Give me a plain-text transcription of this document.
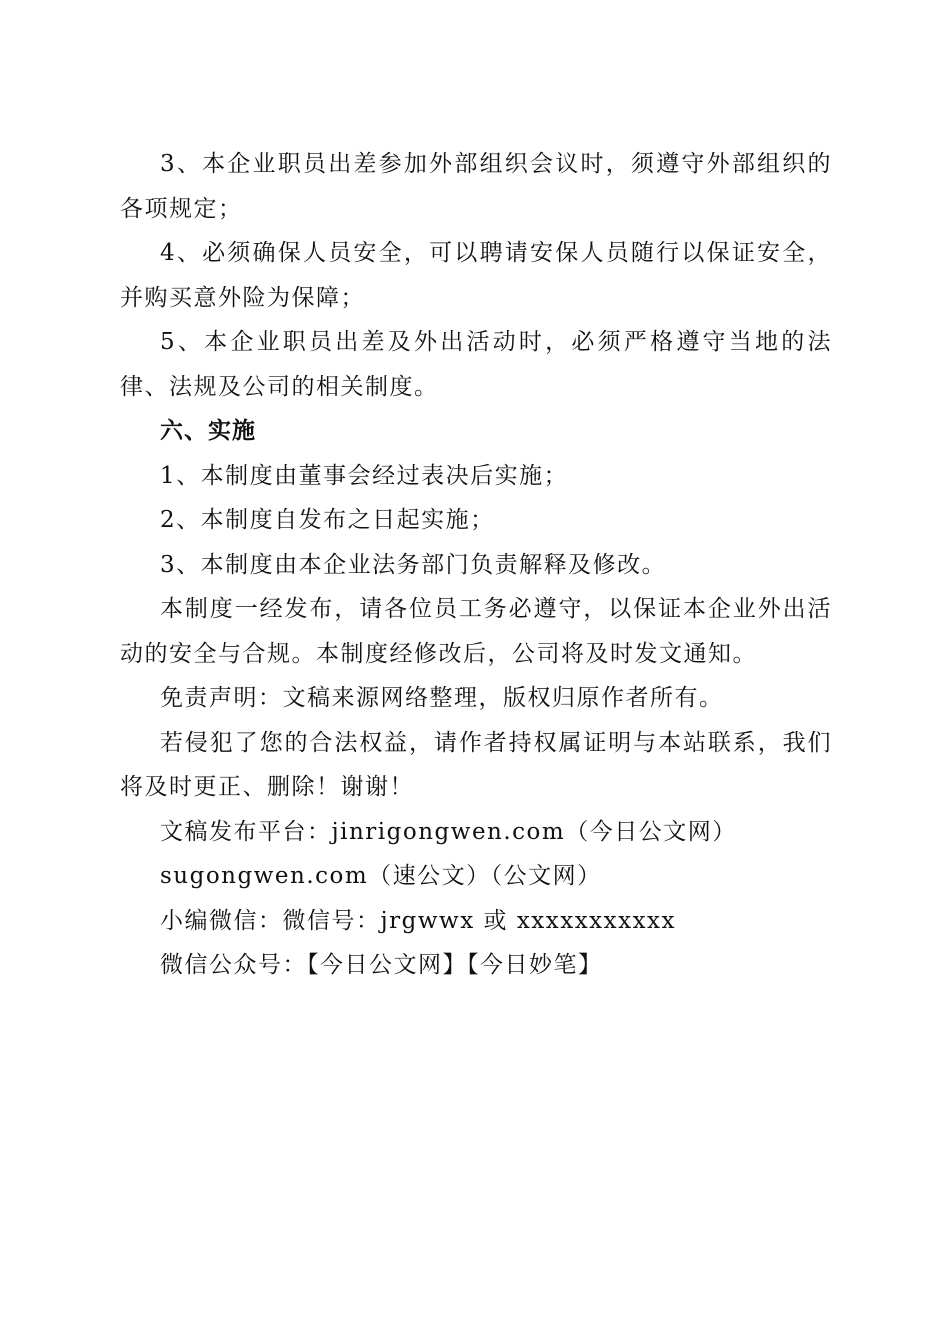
3、本企业职员出差参加外部组织会议时，须遵守外部组织的各项规定；

4、必须确保人员安全，可以聘请安保人员随行以保证安全，并购买意外险为保障；

5、本企业职员出差及外出活动时，必须严格遵守当地的法律、法规及公司的相关制度。

六、实施

1、本制度由董事会经过表决后实施；

2、本制度自发布之日起实施；

3、本制度由本企业法务部门负责解释及修改。

本制度一经发布，请各位员工务必遵守，以保证本企业外出活动的安全与合规。本制度经修改后，公司将及时发文通知。

免责声明：文稿来源网络整理，版权归原作者所有。

若侵犯了您的合法权益，请作者持权属证明与本站联系，我们将及时更正、删除！谢谢！

文稿发布平台：jinrigongwen.com（今日公文网）

sugongwen.com（速公文）（公文网）

小编微信：微信号：jrgwwx 或 xxxxxxxxxxx

微信公众号：【今日公文网】【今日妙笔】
